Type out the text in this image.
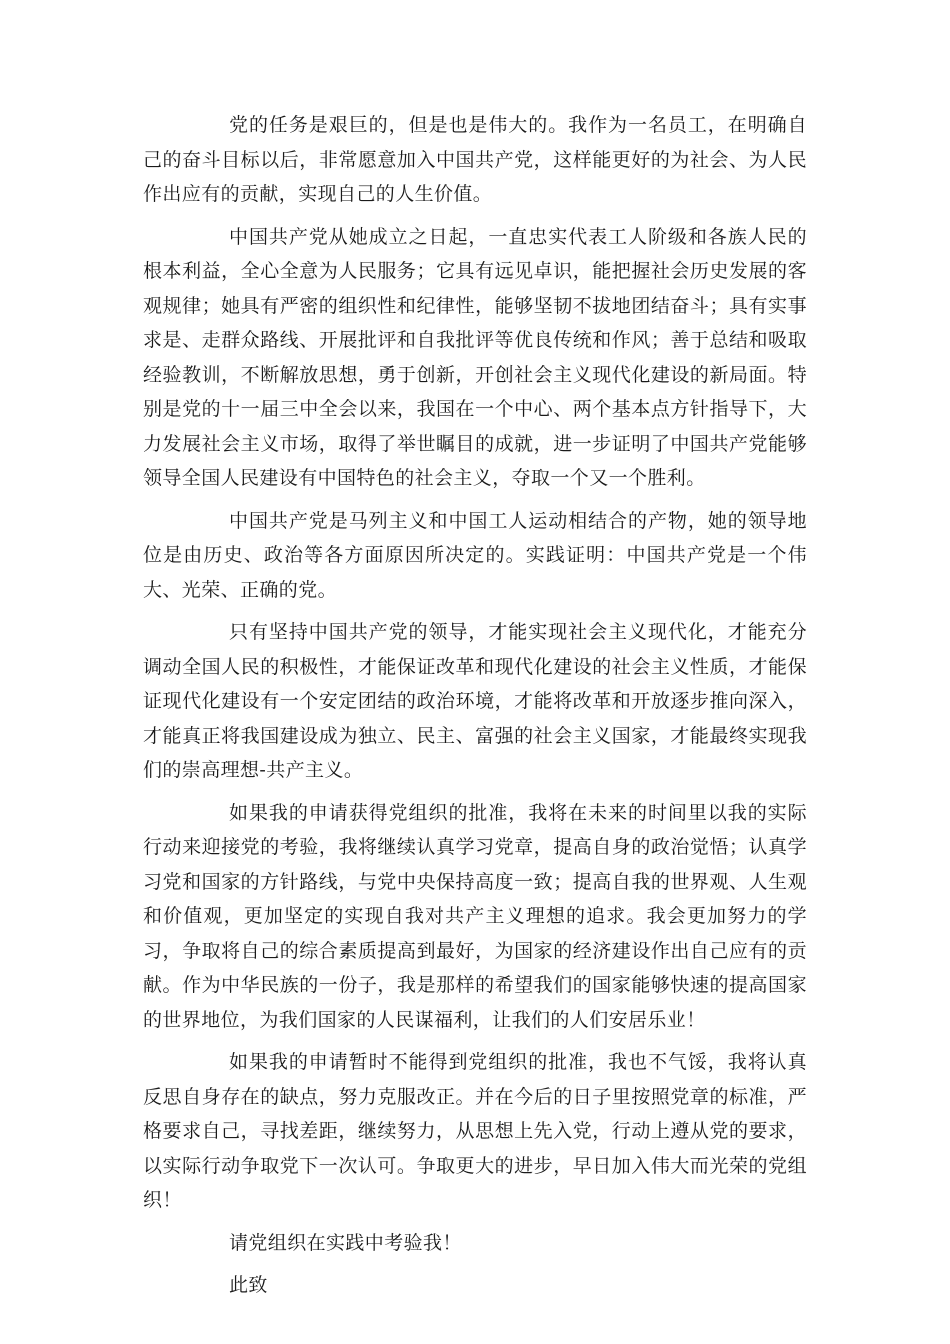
党的任务是艰巨的，但是也是伟大的。我作为一名员工，在明确自己的奋斗目标以后，非常愿意加入中国共产党，这样能更好的为社会、为人民作出应有的贡献，实现自己的人生价值。

中国共产党从她成立之日起，一直忠实代表工人阶级和各族人民的根本利益，全心全意为人民服务；它具有远见卓识，能把握社会历史发展的客观规律；她具有严密的组织性和纪律性，能够坚韧不拔地团结奋斗；具有实事求是、走群众路线、开展批评和自我批评等优良传统和作风；善于总结和吸取经验教训，不断解放思想，勇于创新，开创社会主义现代化建设的新局面。特别是党的十一届三中全会以来，我国在一个中心、两个基本点方针指导下，大力发展社会主义市场，取得了举世瞩目的成就，进一步证明了中国共产党能够领导全国人民建设有中国特色的社会主义，夺取一个又一个胜利。

中国共产党是马列主义和中国工人运动相结合的产物，她的领导地位是由历史、政治等各方面原因所决定的。实践证明：中国共产党是一个伟大、光荣、正确的党。

只有坚持中国共产党的领导，才能实现社会主义现代化，才能充分调动全国人民的积极性，才能保证改革和现代化建设的社会主义性质，才能保证现代化建设有一个安定团结的政治环境，才能将改革和开放逐步推向深入，才能真正将我国建设成为独立、民主、富强的社会主义国家，才能最终实现我们的崇高理想-共产主义。

如果我的申请获得党组织的批准，我将在未来的时间里以我的实际行动来迎接党的考验，我将继续认真学习党章，提高自身的政治觉悟；认真学习党和国家的方针路线，与党中央保持高度一致；提高自我的世界观、人生观和价值观，更加坚定的实现自我对共产主义理想的追求。我会更加努力的学习，争取将自己的综合素质提高到最好，为国家的经济建设作出自己应有的贡献。作为中华民族的一份子，我是那样的希望我们的国家能够快速的提高国家的世界地位，为我们国家的人民谋福利，让我们的人们安居乐业！

如果我的申请暂时不能得到党组织的批准，我也不气馁，我将认真反思自身存在的缺点，努力克服改正。并在今后的日子里按照党章的标准，严格要求自己，寻找差距，继续努力，从思想上先入党，行动上遵从党的要求，以实际行动争取党下一次认可。争取更大的进步，早日加入伟大而光荣的党组织！

请党组织在实践中考验我！

此致
